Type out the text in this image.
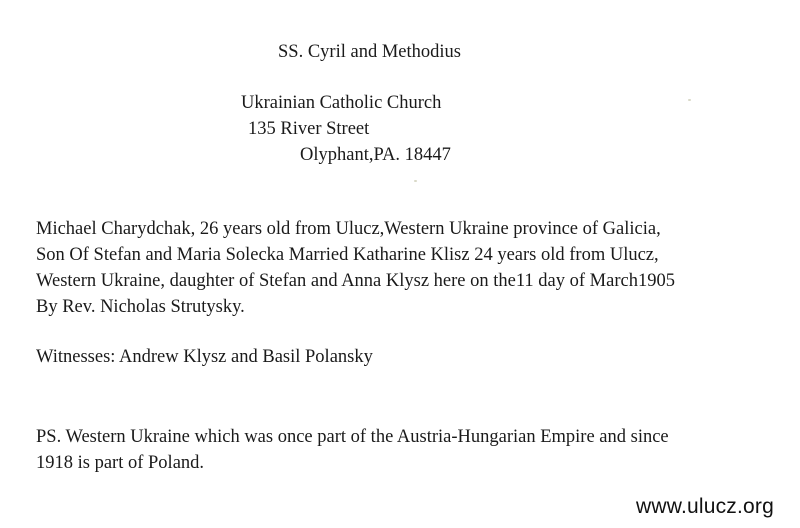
SS. Cyril and Methodius
Ukrainian Catholic Church
135 River Street
Olyphant,PA. 18447
Michael Charydchak, 26 years old from Ulucz,Western Ukraine province of Galicia,
Son Of Stefan and Maria Solecka Married Katharine Klisz 24 years old from Ulucz,
Western Ukraine, daughter of Stefan and Anna Klysz here on the11 day of March1905
By Rev. Nicholas Strutysky.
Witnesses: Andrew Klysz and Basil Polansky
PS. Western Ukraine which was once part of the Austria-Hungarian Empire and since
1918 is part of Poland.
www.ulucz.org
